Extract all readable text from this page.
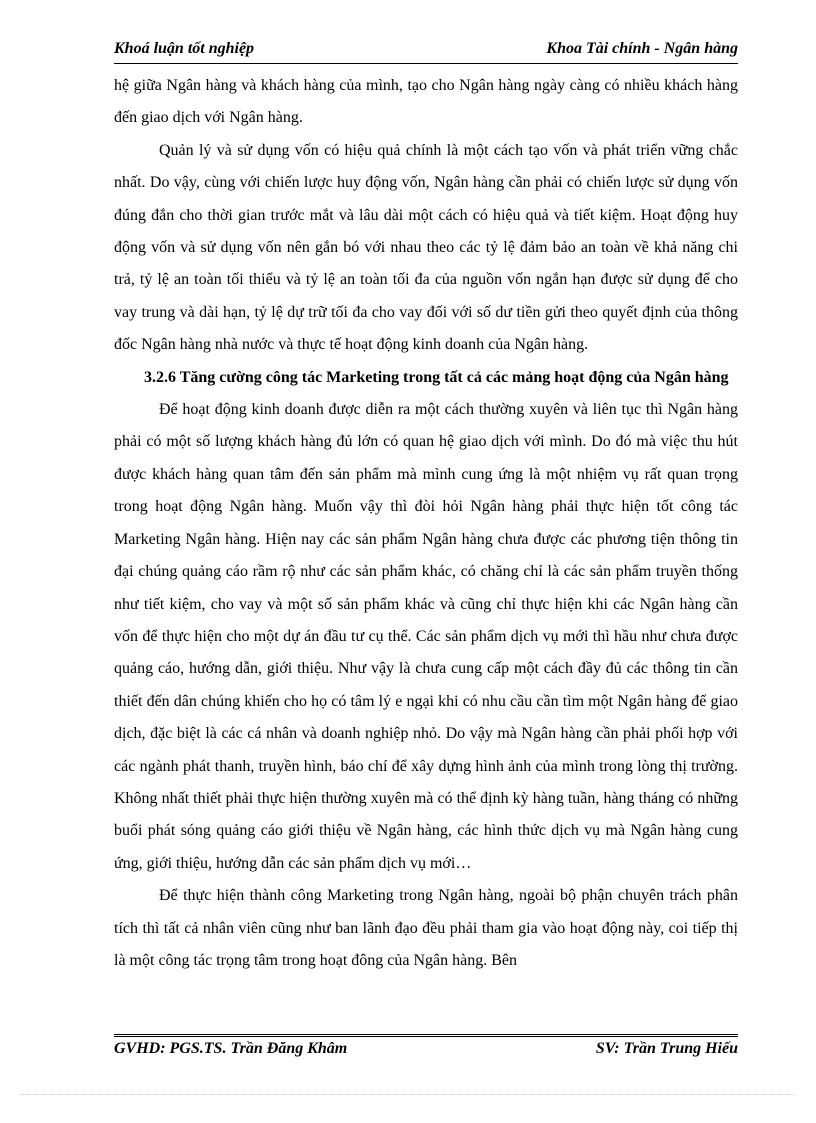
Khoá luận tốt nghiệp	Khoa Tài chính - Ngân hàng

hệ giữa Ngân hàng và khách hàng của mình, tạo cho Ngân hàng ngày càng có nhiều khách hàng đến giao dịch với Ngân hàng.

Quản lý và sử dụng vốn có hiệu quả chính là một cách tạo vốn và phát triển vững chắc nhất. Do vậy, cùng với chiến lược huy động vốn, Ngân hàng cần phải có chiến lược sử dụng vốn đúng đắn cho thời gian trước mắt và lâu dài một cách có hiệu quả và tiết kiệm. Hoạt động huy động vốn và sử dụng vốn nên gắn bó với nhau theo các tỷ lệ đảm bảo an toàn về khả năng chi trả, tỷ lệ an toàn tối thiểu và tỷ lệ an toàn tối đa của nguồn vốn ngắn hạn được sử dụng để cho vay trung và dài hạn, tỷ lệ dự trữ tối đa cho vay đối với số dư tiền gửi theo quyết định của thông đốc Ngân hàng nhà nước và thực tế hoạt động kinh doanh của Ngân hàng.

3.2.6 Tăng cường công tác Marketing trong tất cả các mảng hoạt động của Ngân hàng

Để hoạt động kinh doanh được diễn ra một cách thường xuyên và liên tục thì Ngân hàng phải có một số lượng khách hàng đủ lớn có quan hệ giao dịch với mình. Do đó mà việc thu hút được khách hàng quan tâm đến sản phẩm mà mình cung ứng là một nhiệm vụ rất quan trọng trong hoạt động Ngân hàng. Muốn vậy thì đòi hỏi Ngân hàng phải thực hiện tốt công tác Marketing Ngân hàng. Hiện nay các sản phẩm Ngân hàng chưa được các phương tiện thông tin đại chúng quảng cáo rầm rộ như các sản phẩm khác, có chăng chỉ là các sản phẩm truyền thống như tiết kiệm, cho vay và một số sản phẩm khác và cũng chỉ thực hiện khi các Ngân hàng cần vốn để thực hiện cho một dự án đầu tư cụ thể. Các sản phẩm dịch vụ mới thì hầu như chưa được quảng cáo, hướng dẫn, giới thiệu. Như vậy là chưa cung cấp một cách đầy đủ các thông tin cần thiết đến dân chúng khiến cho họ có tâm lý e ngại khi có nhu cầu cần tìm một Ngân hàng để giao dịch, đặc biệt là các cá nhân và doanh nghiệp nhỏ. Do vậy mà Ngân hàng cần phải phối hợp với các ngành phát thanh, truyền hình, báo chí để xây dựng hình ảnh của mình trong lòng thị trường. Không nhất thiết phải thực hiện thường xuyên mà có thể định kỳ hàng tuần, hàng tháng có những buổi phát sóng quảng cáo giới thiệu về Ngân hàng, các hình thức dịch vụ mà Ngân hàng cung ứng, giới thiệu, hướng dẫn các sản phẩm dịch vụ mới…

Để thực hiện thành công Marketing trong Ngân hàng, ngoài bộ phận chuyên trách phân tích thì tất cả nhân viên cũng như ban lãnh đạo đều phải tham gia vào hoạt động này, coi tiếp thị là một công tác trọng tâm trong hoạt đông của Ngân hàng. Bên

GVHD: PGS.TS. Trần Đăng Khâm	SV: Trần Trung Hiếu
